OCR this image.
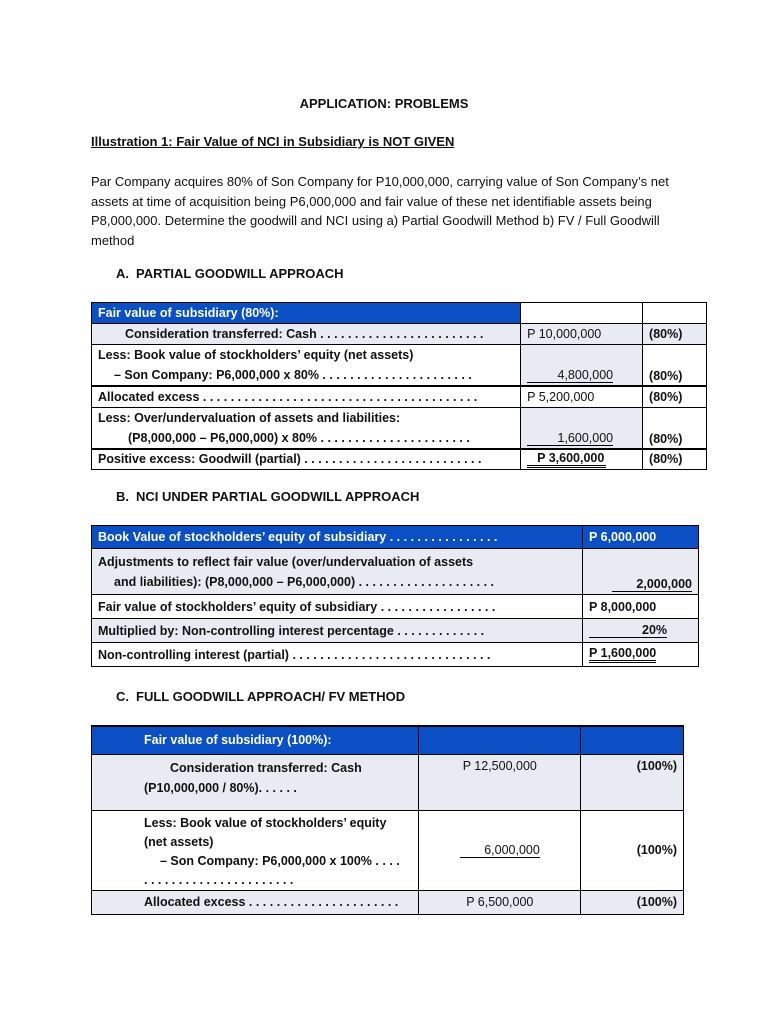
APPLICATION: PROBLEMS
Illustration 1: Fair Value of NCI in Subsidiary is NOT GIVEN
Par Company acquires 80% of Son Company for P10,000,000, carrying value of Son Company’s net assets at time of acquisition being P6,000,000 and fair value of these net identifiable assets being P8,000,000. Determine the goodwill and NCI using a) Partial Goodwill Method b) FV / Full Goodwill method
A. PARTIAL GOODWILL APPROACH
Fair value of subsidiary (80%):		
Consideration transferred: Cash . . . . . . . . . . . . . . . . . . . . . . . .	P 10,000,000	(80%)

Less: Book value of stockholders’ equity (net assets)
– Son Company: P6,000,000 x 80% . . . . . . . . . . . . . . . . . . . . . .	4,800,000	(80%)
Allocated excess . . . . . . . . . . . . . . . . . . . . . . . . . . . . . . . . . . . . . . . .	P 5,200,000	(80%)

Less: Over/undervaluation of assets and liabilities:
(P8,000,000 – P6,000,000) x 80% . . . . . . . . . . . . . . . . . . . . . .	1,600,000	(80%)
Positive excess: Goodwill (partial) . . . . . . . . . . . . . . . . . . . . . . . . . .	P 3,600,000	(80%)
B. NCI UNDER PARTIAL GOODWILL APPROACH
Book Value of stockholders’ equity of subsidiary . . . . . . . . . . . . . . . .	P 6,000,000

Adjustments to reflect fair value (over/undervaluation of assets
and liabilities): (P8,000,000 – P6,000,000) . . . . . . . . . . . . . . . . . . . .	2,000,000
Fair value of stockholders’ equity of subsidiary . . . . . . . . . . . . . . . . .	P 8,000,000
Multiplied by: Non-controlling interest percentage . . . . . . . . . . . . .	20%
Non-controlling interest (partial) . . . . . . . . . . . . . . . . . . . . . . . . . . . . .	P 1,600,000
C. FULL GOODWILL APPROACH/ FV METHOD
Fair value of subsidiary (100%):		

Consideration transferred: Cash
(P10,000,000 / 80%). . . . . .	P 12,500,000	(100%)

Less: Book value of stockholders’ equity
(net assets)
– Son Company: P6,000,000 x 100% . . . .
. . . . . . . . . . . . . . . . . . . . . .	6,000,000	(100%)
Allocated excess . . . . . . . . . . . . . . . . . . . . . .	P 6,500,000	(100%)
